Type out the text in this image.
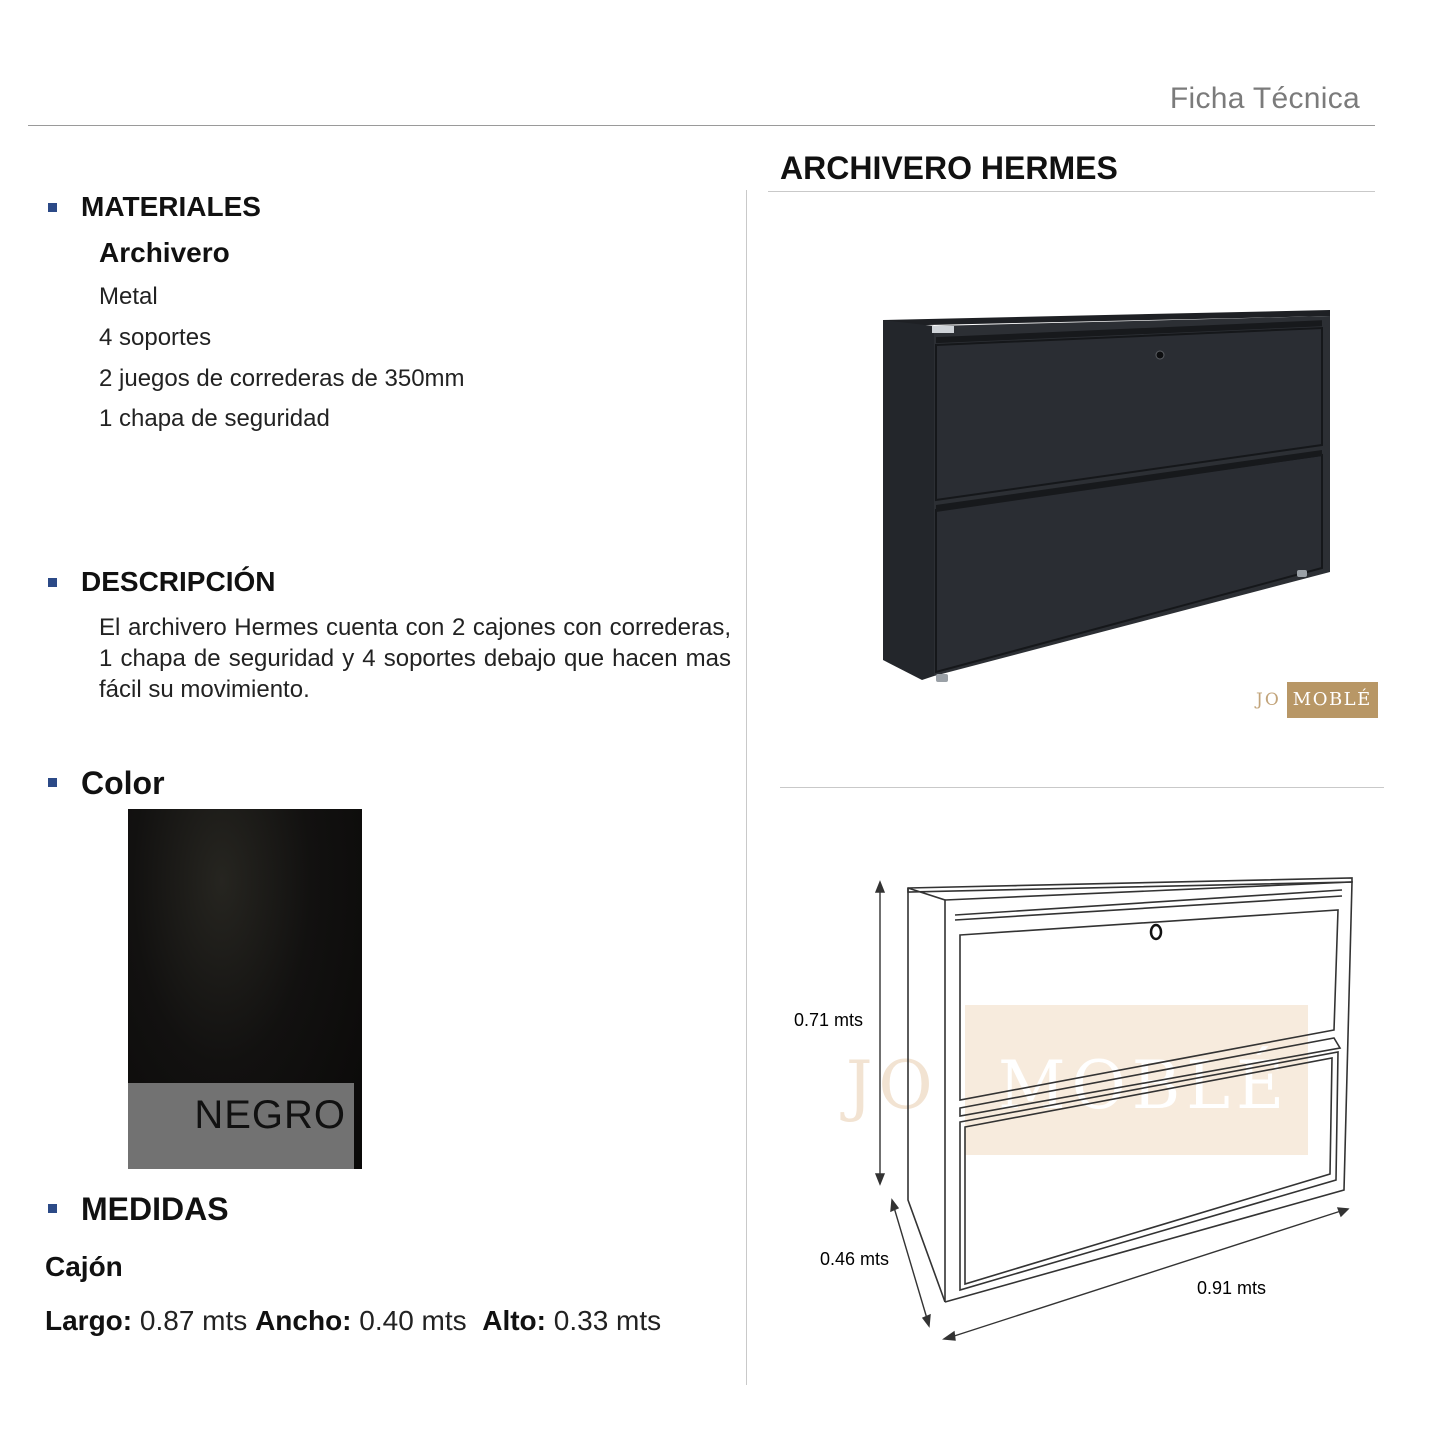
Ficha Técnica
MATERIALES
Archivero
Metal
4 soportes
2 juegos de correderas de 350mm
1 chapa de seguridad
DESCRIPCIÓN
El archivero Hermes cuenta con 2 cajones con correderas, 1 chapa de seguridad y 4 soportes debajo que hacen mas fácil su movimiento.
Color
NEGRO
MEDIDAS
Cajón
Largo: 0.87 mts Ancho: 0.40 mts Alto: 0.33 mts
ARCHIVERO HERMES
JO MOBLÉ
JO MOBLÉ
0.71 mts
0.46 mts
0.91 mts
